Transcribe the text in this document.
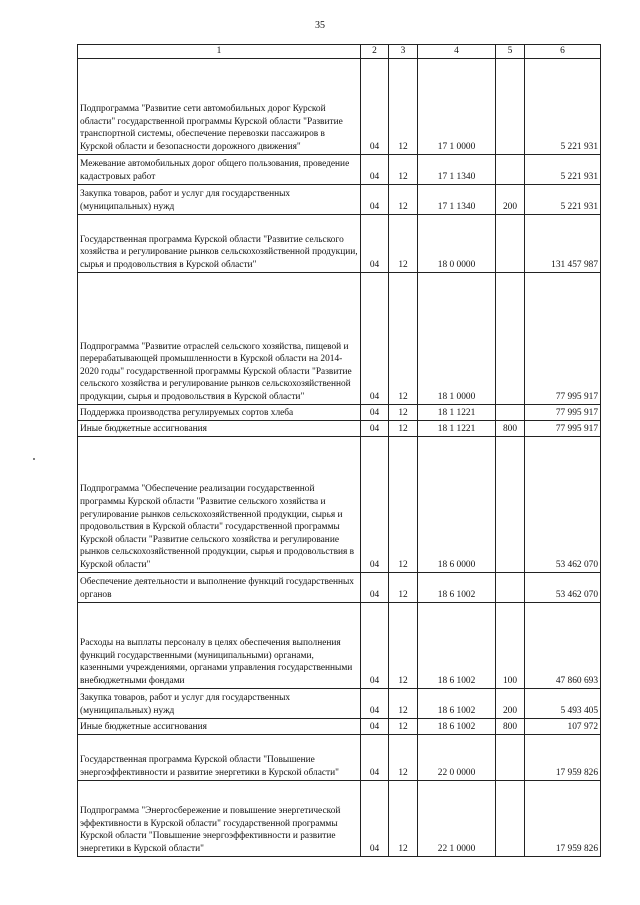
35
1	2	3	4	5	6
Подпрограмма "Развитие сети автомобильных дорог Курской области" государственной программы Курской области "Развитие транспортной системы, обеспечение перевозки пассажиров в Курской области и безопасности дорожного движения"	04	12	17 1 0000		5 221 931
Межевание автомобильных дорог общего пользования, проведение кадастровых работ	04	12	17 1 1340		5 221 931
Закупка товаров, работ и услуг для государственных (муниципальных) нужд	04	12	17 1 1340	200	5 221 931
Государственная программа Курской области "Развитие сельского хозяйства и регулирование рынков сельскохозяйственной продукции, сырья и продовольствия в Курской области"	04	12	18 0 0000		131 457 987
Подпрограмма "Развитие отраслей сельского хозяйства, пищевой и перерабатывающей промышленности в Курской области на 2014-2020 годы" государственной программы Курской области "Развитие сельского хозяйства и регулирование рынков сельскохозяйственной продукции, сырья и продовольствия в Курской области"	04	12	18 1 0000		77 995 917
Поддержка производства регулируемых сортов хлеба	04	12	18 1 1221		77 995 917
Иные бюджетные ассигнования	04	12	18 1 1221	800	77 995 917
Подпрограмма "Обеспечение реализации государственной программы Курской области "Развитие сельского хозяйства и регулирование рынков сельскохозяйственной продукции, сырья и продовольствия в Курской области" государственной программы Курской области "Развитие сельского хозяйства и регулирование рынков сельскохозяйственной продукции, сырья и продовольствия в Курской области"	04	12	18 6 0000		53 462 070
Обеспечение деятельности и выполнение функций государственных органов	04	12	18 6 1002		53 462 070
Расходы на выплаты персоналу в целях обеспечения выполнения функций государственными (муниципальными) органами, казенными учреждениями, органами управления государственными внебюджетными фондами	04	12	18 6 1002	100	47 860 693
Закупка товаров, работ и услуг для государственных (муниципальных) нужд	04	12	18 6 1002	200	5 493 405
Иные бюджетные ассигнования	04	12	18 6 1002	800	107 972
Государственная программа Курской области "Повышение энергоэффективности и развитие энергетики в Курской области"	04	12	22 0 0000		17 959 826
Подпрограмма "Энергосбережение и повышение энергетической эффективности в Курской области" государственной программы Курской области "Повышение энергоэффективности и развитие энергетики в Курской области"	04	12	22 1 0000		17 959 826
